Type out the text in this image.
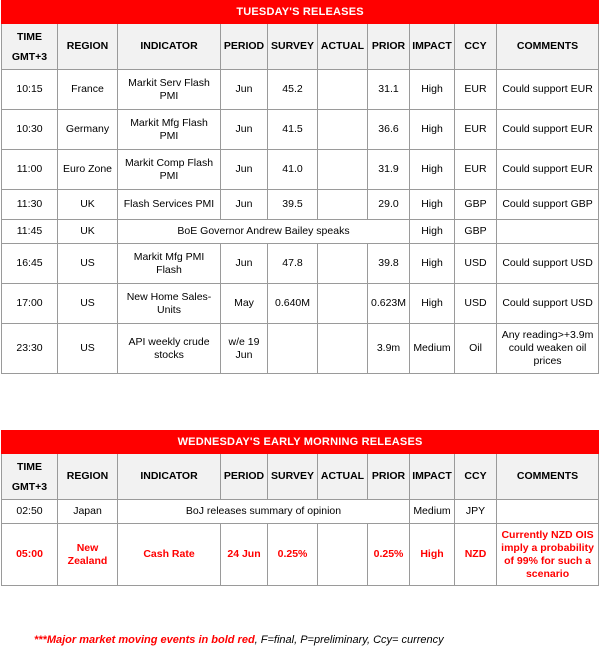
TUESDAY'S RELEASES									
TIME
GMT+3	REGION	INDICATOR	PERIOD	SURVEY	ACTUAL	PRIOR	IMPACT	CCY	COMMENTS
10:15	France	Markit Serv Flash PMI	Jun	45.2		31.1	High	EUR	Could support EUR
10:30	Germany	Markit Mfg Flash PMI	Jun	41.5		36.6	High	EUR	Could support EUR
11:00	Euro Zone	Markit Comp Flash PMI	Jun	41.0		31.9	High	EUR	Could support EUR
11:30	UK	Flash Services PMI	Jun	39.5		29.0	High	GBP	Could support GBP
11:45	UK	BoE Governor Andrew Bailey speaks					High	GBP	
16:45	US	Markit Mfg PMI Flash	Jun	47.8		39.8	High	USD	Could support USD
17:00	US	New Home Sales-Units	May	0.640M		0.623M	High	USD	Could support USD
23:30	US	API weekly crude stocks	w/e 19 Jun			3.9m	Medium	Oil	Any reading>+3.9m could weaken oil prices
WEDNESDAY'S EARLY MORNING RELEASES									
TIME
GMT+3	REGION	INDICATOR	PERIOD	SURVEY	ACTUAL	PRIOR	IMPACT	CCY	COMMENTS
02:50	Japan	BoJ releases summary of opinion					Medium	JPY	
05:00	New Zealand	Cash Rate	24 Jun	0.25%		0.25%	High	NZD	Currently NZD OIS imply a probability of 99% for such a scenario
***Major market moving events in bold red, F=final, P=preliminary, Ccy= currency
